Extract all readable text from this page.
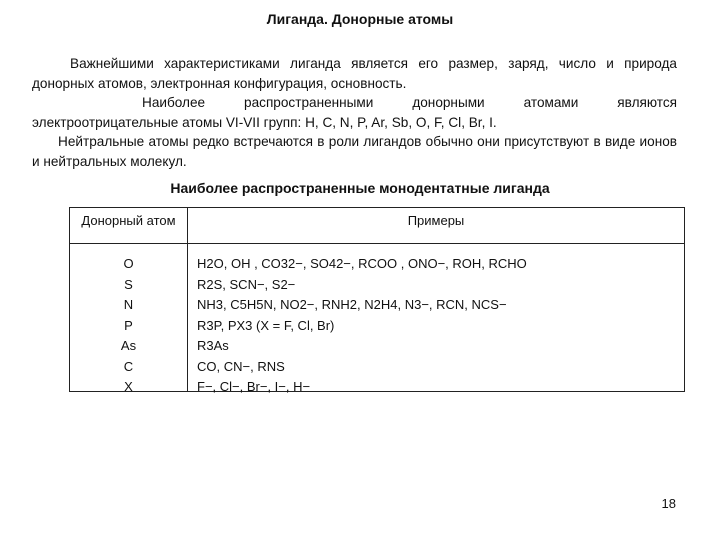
Лиганда. Донорные атомы
Важнейшими характеристиками лиганда является его размер, заряд, число и природа донорных атомов, электронная конфигурация, основность.
Наиболее распространенными донорными атомами являются электроотрицательные атомы VI-VII групп: H, C, N, P, Ar, Sb, O, F, Cl, Br, I.
Нейтральные атомы редко встречаются в роли лигандов обычно они присутствуют в виде ионов и нейтральных молекул.
Наиболее распространенные монодентатные лиганда
Донорный атом	Примеры
O
S
N
P
As
C
X
H2O, OH , CO32−, SO42−, RCOO , ONO−, ROH, RCHO
R2S, SCN−, S2−
NH3, C5H5N, NO2−, RNH2, N2H4, N3−, RCN, NCS−
R3P, PX3 (X = F, Cl, Br)
R3As
CO, CN−, RNS
F−, Cl−, Br−, I−, H−
18
